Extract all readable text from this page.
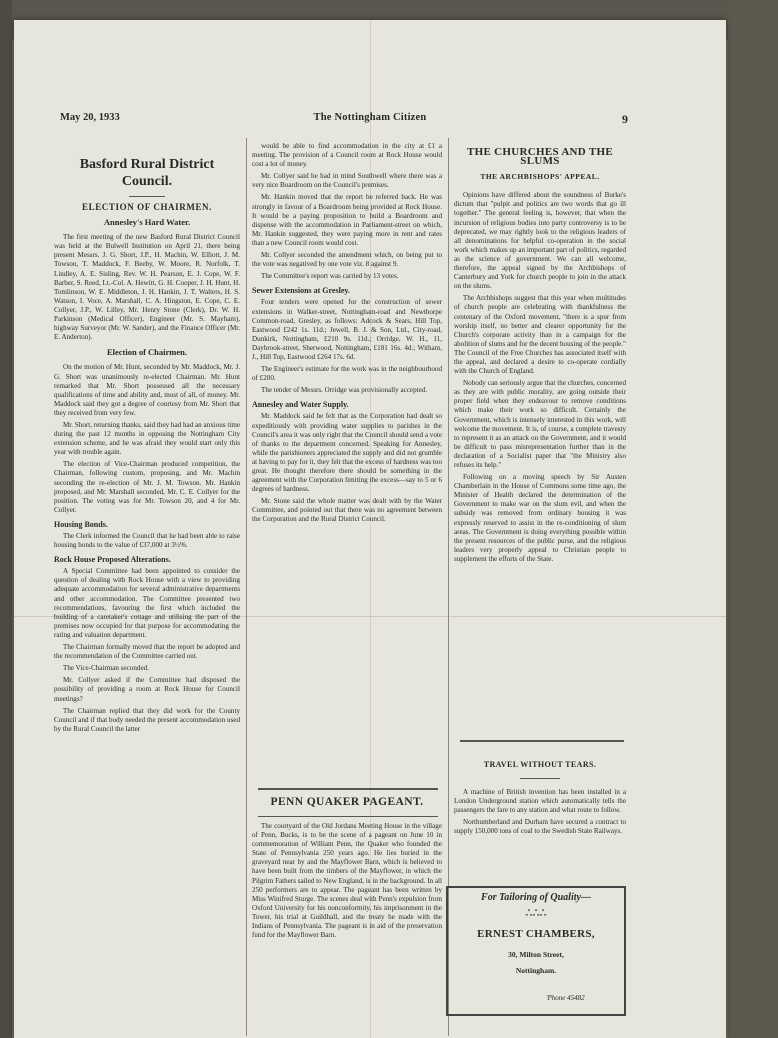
May 20, 1933	The Nottingham Citizen	9
Basford Rural District Council.
ELECTION OF CHAIRMEN.
Annesley's Hard Water.

The first meeting of the new Basford Rural District Council was held at the Bulwell Institution on April 21, there being present Messrs. J. G. Short, J.P., H. Machin, W. Elliott, J. M. Towson, T. Maddock, F. Beeby, W. Moore, R. Norfolk, T. Lindley, A. E. Sisling, Rev. W. H. Pearson, E. J. Cope, W. F. Barber, S. Reed, Lt.-Col. A. Hewitt, G. H. Cooper, J. H. Hunt, H. Tomlinson, W. E. Middleton, J. H. Hankin, J. T. Walters, H. S. Watson, I. Voce, A. Marshall, C. A. Hingston, E. Cope, C. E. Collyer, J.P., W. Lilley, Mr. Henry Stone (Clerk), Dr. W. H. Parkinson (Medical Officer), Engineer (Mr. S. Mayham), highway Surveyor (Mr. W. Sander), and the Finance Officer (Mr. E. Anderton).

Election of Chairmen.

On the motion of Mr. Hunt, seconded by Mr. Maddock, Mr. J. G. Short was unanimously re-elected Chairman. Mr. Hunt remarked that Mr. Short possessed all the necessary qualifications of time and ability and, most of all, of money. Mr. Maddock said they got a degree of courtesy from Mr. Short that they received from very few.

Mr. Short, returning thanks, said they had had an anxious time during the past 12 months in opposing the Nottingham City extension scheme, and he was afraid they would start only this year with trouble again.

The election of Vice-Chairman produced competition, the Chairman, following custom, proposing, and Mr. Machin seconding the re-election of Mr. J. M. Towson. Mr. Hankin proposed, and Mr. Marshall seconded, Mr. C. E. Collyer for the position. The voting was for Mr. Towson 20, and 4 for Mr. Collyer.

Housing Bonds.

The Clerk informed the Council that he had been able to raise housing bonds to the value of £37,000 at 3½%.

Rock House Proposed Alterations.

A Special Committee had been appointed to consider the question of dealing with Rock House with a view to providing adequate accommodation for several administrative departments and other accommodation. The Committee presented two recommendations, favouring the first which included the building of a caretaker's cottage and utilising the part of the premises now occupied for that purpose for accommodating the rating and valuation department.

The Chairman formally moved that the report be adopted and the recommendation of the Committee carried out.

The Vice-Chairman seconded.

Mr. Collyer asked if the Committee had disposed the possibility of providing a room at Rock House for Council meetings?

The Chairman replied that they did work for the County Council and if that body needed the present accommodation used by the Rural Council the latter

would be able to find accommodation in the city at £1 a meeting. The provision of a Council room at Rock House would cost a lot of money.

Mr. Collyer said he had in mind Southwell where there was a very nice Boardroom on the Council's premises.

Mr. Hankin moved that the report be referred back. He was strongly in favour of a Boardroom being provided at Rock House. It would be a paying proposition to build a Boardroom and dispense with the accommodation in Parliament-street on which, Mr. Hankin suggested, they were paying more in rent and rates than a new Council room would cost.

Mr. Collyer seconded the amendment which, on being put to the vote was negatived by one vote viz. 8 against 9.

The Committee's report was carried by 13 votes.

Sewer Extensions at Gresley.

Four tenders were opened for the construction of sewer extensions in Walker-street, Nottingham-road and Newthorpe Common-road, Gresley, as follows: Adcock & Sears, Hill Top, Eastwood £242 1s. 11d.; Jewell, B. J. & Son, Ltd., City-road, Dunkirk, Nottingham, £210 9s. 11d.; Orridge, W. H., 11, Daybrook-street, Sherwood, Nottingham, £181 16s. 4d.; Witham, J., Hill Top, Eastwood £264 17s. 6d.

The Engineer's estimate for the work was in the neighbourhood of £200.

The tender of Messrs. Orridge was provisionally accepted.

Annesley and Water Supply.

Mr. Maddock said he felt that as the Corporation had dealt so expeditiously with providing water supplies to parishes in the Council's area it was only right that the Council should send a vote of thanks to the department concerned. Speaking for Annesley, while the parishioners appreciated the supply and did not grumble at having to pay for it, they felt that the excess of hardness was too great. He thought therefore there should be something in the agreement with the Corporation limiting the excess—say to 5 or 6 degrees of hardness.

Mr. Stone said the whole matter was dealt with by the Water Committee, and pointed out that there was no agreement between the Corporation and the Rural District Council.

PENN QUAKER PAGEANT.

The courtyard of the Old Jordans Meeting House in the village of Penn, Bucks, is to be the scene of a pageant on June 10 in commemoration of William Penn, the Quaker who founded the State of Pennsylvania 250 years ago. He lies buried in the graveyard near by and the Mayflower Barn, which is believed to have been built from the timbers of the Mayflower, in which the Pilgrim Fathers sailed to New England, is in the background. In all 250 performers are to appear. The pageant has been written by Miss Winifred Sturge. The scenes deal with Penn's expulsion from Oxford University for his nonconformity, his imprisonment in the Tower, his trial at Guildhall, and the treaty he made with the Indians of Pennsylvania. The pageant is in aid of the preservation fund for the Mayflower Barn.

THE CHURCHES AND THE SLUMS
THE ARCHBISHOPS' APPEAL.

Opinions have differed about the soundness of Burke's dictum that "pulpit and politics are two words that go ill together." The general feeling is, however, that when the incursion of religious bodies into party controversy is to be deprecated, we may rightly look to the religious leaders of all denominations for helpful co-operation in the social work which makes up an important part of politics, regarded as the science of government. We can all welcome, therefore, the appeal signed by the Archbishops of Canterbury and York for church people to join in the attack on the slums.

The Archbishops suggest that this year when multitudes of church people are celebrating with thankfulness the centenary of the Oxford movement, "there is a spur from worship itself, no better and clearer opportunity for the Church's corporate activity than in a campaign for the abolition of slums and for the decent housing of the people." The Council of the Free Churches has associated itself with the appeal, and declared a desire to co-operate cordially with the Church of England.

Nobody can seriously argue that the churches, concerned as they are with public morality, are going outside their proper field when they endeavour to remove conditions which make their work so difficult. Certainly the Government, which is intensely interested in this work, will welcome the movement. It is, of course, a complete travesty to represent it as an attack on the Government, and it would be difficult to pass misrepresentation further than in the declaration of a Socialist paper that "the Ministry also refuses its help."

Following on a moving speech by Sir Austen Chamberlain in the House of Commons some time ago, the Minister of Health declared the determination of the Government to make war on the slum evil, and when the subsidy was removed from ordinary housing it was expressly reserved to assist in the re-conditioning of slum areas. The Government is doing everything possible within the present resources of the public purse, and the religious leaders very properly appeal to Christian people to supplement the efforts of the State.

TRAVEL WITHOUT TEARS.

A machine of British invention has been installed in a London Underground station which automatically tells the passengers the fare to any station and what route to follow.

Northumberland and Durham have secured a contract to supply 150,000 tons of coal to the Swedish State Railways.

For Tailoring of Quality—
ஃஃஃ
ERNEST CHAMBERS,
30, Milton Street,
Nottingham.
'Phone 45482
